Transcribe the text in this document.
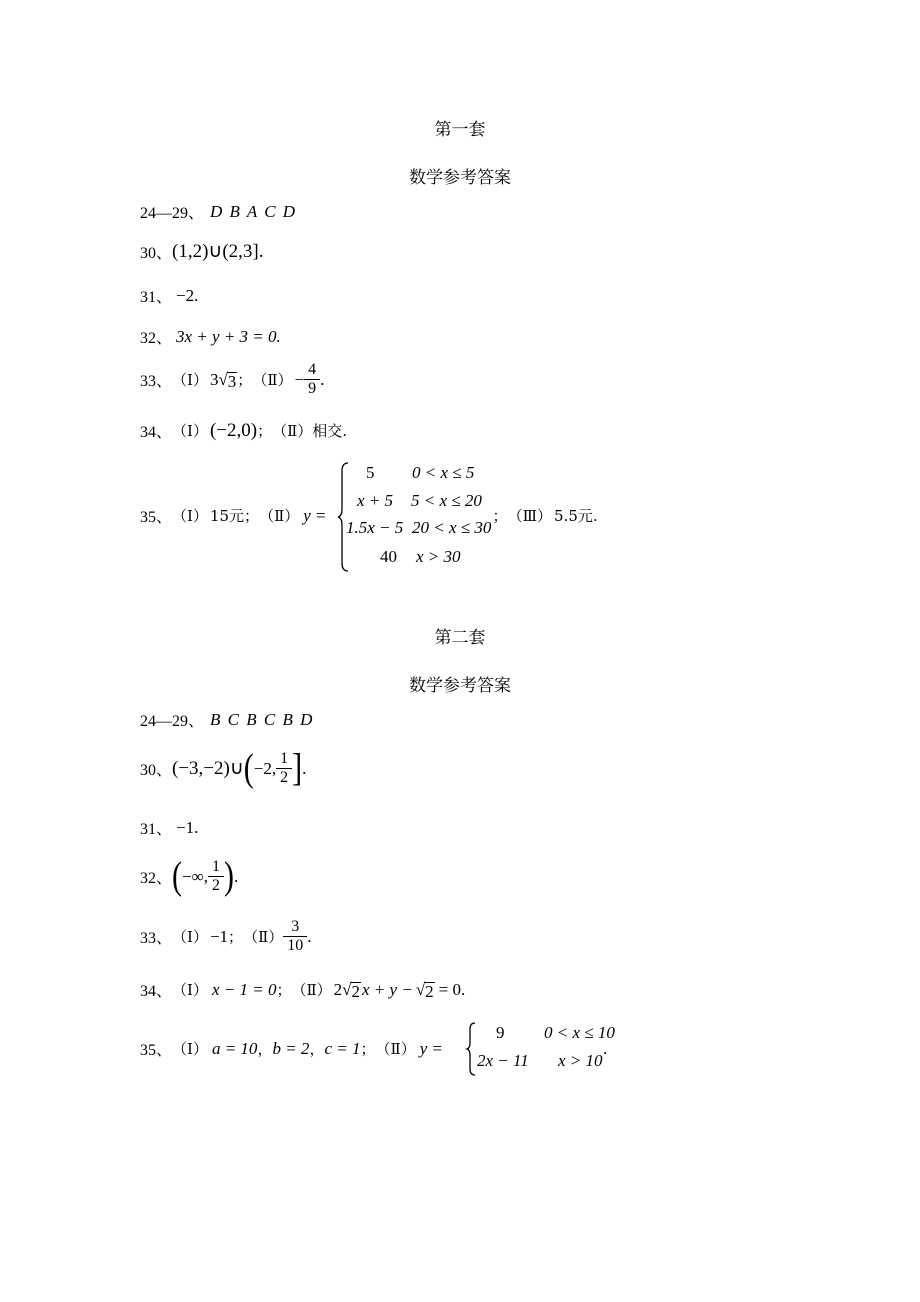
第一套
数学参考答案
24—29、 D B A C D
30、 (1,2)∪(2,3].
31、 −2.
32、 3x + y + 3 = 0.
33、 （Ⅰ） 3 √ 3 ； （Ⅱ） − $\frac{4}{9}$ .
34、 （Ⅰ） (−2,0) ； （Ⅱ） 相交.
35、 （Ⅰ） 15元 ； （Ⅱ） y =	； （Ⅲ） 5.5元.
5 0 < x ≤ 5
x + 5 5 < x ≤ 20
1.5x − 5 20 < x ≤ 30
40 x > 30
第二套
数学参考答案
24—29、 B C B C B D
30、 (−3,−2)∪ ( −2, $\frac{1}{2}$ ] .
31、 −1.
32、 ( −∞, $\frac{1}{2}$ ) .
33、 （Ⅰ） −1 ； （Ⅱ） $\frac{3}{10}$ .
34、 （Ⅰ） x − 1 = 0 ； （Ⅱ） 2 √ 2 x + y − √ 2 = 0.
35、 （Ⅰ） a = 10 ， b = 2 ， c = 1 ； （Ⅱ） y =	.
9 0 < x ≤ 10
2x − 11 x > 10
